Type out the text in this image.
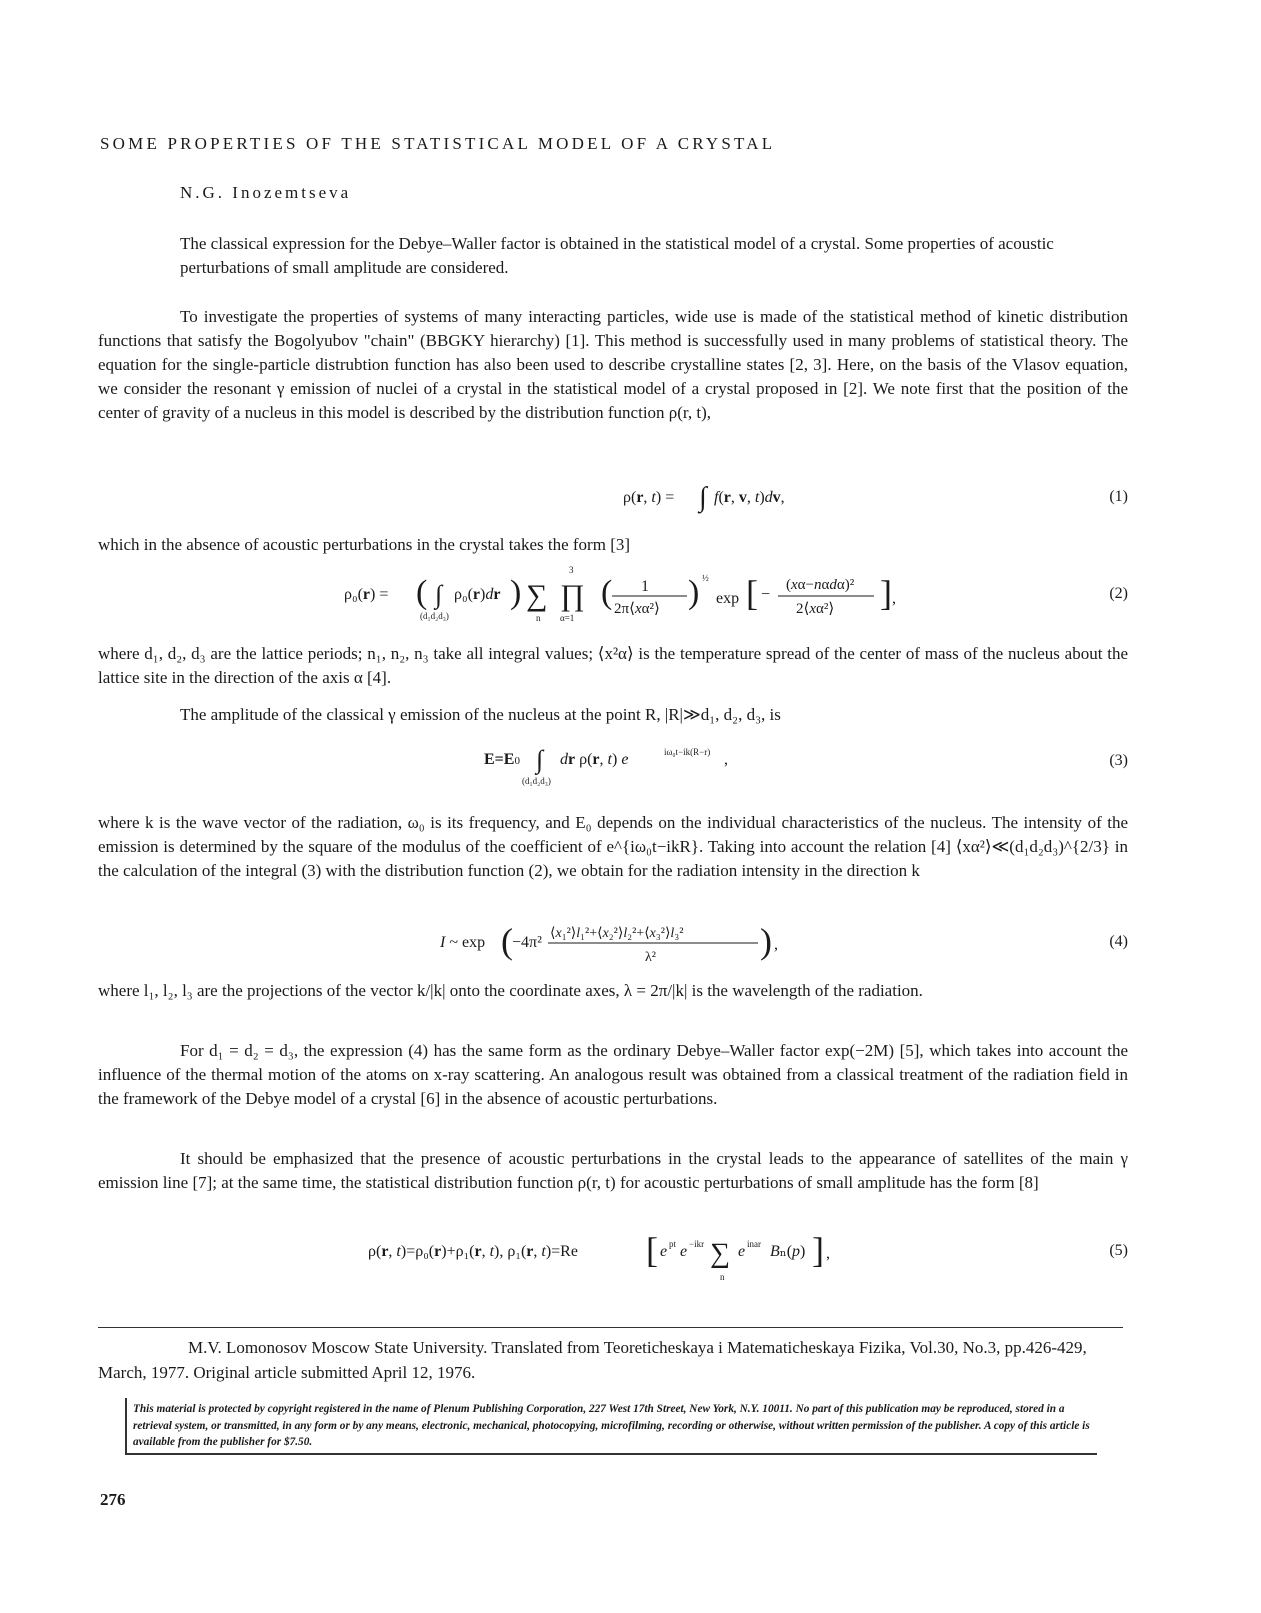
SOME PROPERTIES OF THE STATISTICAL MODEL OF A CRYSTAL
N.G. Inozemtseva
The classical expression for the Debye–Waller factor is obtained in the statistical model of a crystal. Some properties of acoustic perturbations of small amplitude are considered.
To investigate the properties of systems of many interacting particles, wide use is made of the statistical method of kinetic distribution functions that satisfy the Bogolyubov "chain" (BBGKY hierarchy) [1]. This method is successfully used in many problems of statistical theory. The equation for the single-particle distrubtion function has also been used to describe crystalline states [2, 3]. Here, on the basis of the Vlasov equation, we consider the resonant γ emission of nuclei of a crystal in the statistical model of a crystal proposed in [2]. We note first that the position of the center of gravity of a nucleus in this model is described by the distribution function ρ(r, t),
ρ(r, t) = ∫ f(r, v, t)dv,	(1)
which in the absence of acoustic perturbations in the crystal takes the form [3]
ρ₀(r) = ( ∫
(d₁d₂d₃)
ρ₀(r)dr ) ∑
n
∏
3
α=1
( 1
2π⟨xα²⟩ ) ½
exp [ −
(xα−nαdα)²
2⟨xα²⟩ ] ,	(2)
where d₁, d₂, d₃ are the lattice periods; n₁, n₂, n₃ take all integral values; ⟨x²α⟩ is the temperature spread of the center of mass of the nucleus about the lattice site in the direction of the axis α [4].
The amplitude of the classical γ emission of the nucleus at the point R, |R|≫d₁, d₂, d₃, is
E=E0 ∫
(d₁d₂d₃)
dr ρ(r, t) e	iω₀t−ik(R−r) ,	(3)
where k is the wave vector of the radiation, ω₀ is its frequency, and E₀ depends on the individual characteristics of the nucleus. The intensity of the emission is determined by the square of the modulus of the coefficient of e^{iω₀t−ikR}. Taking into account the relation [4] ⟨xα²⟩≪(d₁d₂d₃)^{2/3} in the calculation of the integral (3) with the distribution function (2), we obtain for the radiation intensity in the direction k
I ~ exp ( −4π²
⟨x₁²⟩l₁²+⟨x₂²⟩l₂²+⟨x₃²⟩l₃²
λ²	) ,	(4)
where l₁, l₂, l₃ are the projections of the vector k/|k| onto the coordinate axes, λ = 2π/|k| is the wavelength of the radiation.
For d₁ = d₂ = d₃, the expression (4) has the same form as the ordinary Debye–Waller factor exp(−2M) [5], which takes into account the influence of the thermal motion of the atoms on x-ray scattering. An analogous result was obtained from a classical treatment of the radiation field in the framework of the Debye model of a crystal [6] in the absence of acoustic perturbations.
It should be emphasized that the presence of acoustic perturbations in the crystal leads to the appearance of satellites of the main γ emission line [7]; at the same time, the statistical distribution function ρ(r, t) for acoustic perturbations of small amplitude has the form [8]
ρ(r, t)=ρ₀(r)+ρ₁(r, t), ρ₁(r, t)=Re [ e pt e −ikr ∑
n
e inar Bₙ(p) ] ,	(5)
M.V. Lomonosov Moscow State University. Translated from Teoreticheskaya i Matematicheskaya Fizika, Vol.30, No.3, pp.426-429, March, 1977. Original article submitted April 12, 1976.
This material is protected by copyright registered in the name of Plenum Publishing Corporation, 227 West 17th Street, New York, N.Y. 10011. No part of this publication may be reproduced, stored in a retrieval system, or transmitted, in any form or by any means, electronic, mechanical, photocopying, microfilming, recording or otherwise, without written permission of the publisher. A copy of this article is available from the publisher for $7.50.
276
